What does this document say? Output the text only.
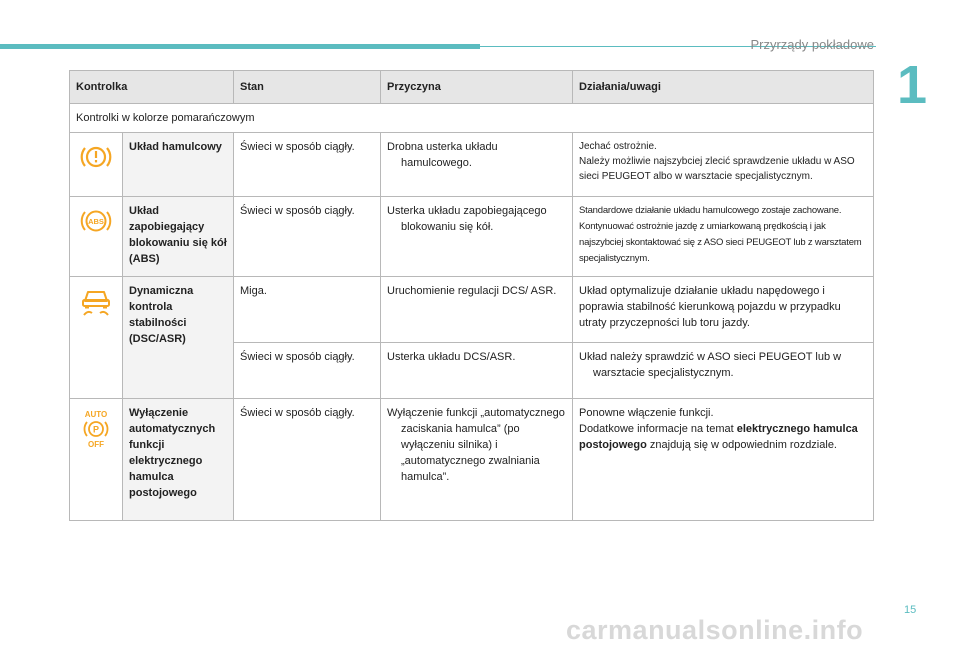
Przyrządy pokładowe
1
Kontrolka		Stan	Przyczyna	Działania/uwagi
Kontrolki w kolorze pomarańczowym				
	Układ hamulcowy	Świeci w sposób ciągły.	Drobna usterka układu hamulcowego.	Jechać ostrożnie.
Należy możliwie najszybciej zlecić sprawdzenie układu w ASO sieci PEUGEOT albo w warsztacie specjalistycznym.

ABS	Układ zapobiegający blokowaniu się kół (ABS)	Świeci w sposób ciągły.	Usterka układu zapobiegającego blokowaniu się kół.	Standardowe działanie układu hamulcowego zostaje zachowane. Kontynuować ostrożnie jazdę z umiarkowaną prędkością i jak najszybciej skontaktować się z ASO sieci PEUGEOT lub z warsztatem specjalistycznym.
	Dynamiczna kontrola stabilności (DSC/ASR)	Miga.	Uruchomienie regulacji DCS/ ASR.	Układ optymalizuje działanie układu napędowego i poprawia stabilność kierunkową pojazdu w przypadku utraty przyczepności lub toru jazdy.
		Świeci w sposób ciągły.	Usterka układu DCS/ASR.	Układ należy sprawdzić w ASO sieci PEUGEOT lub w warsztacie specjalistycznym.

AUTO
P
OFF	Wyłączenie automatycznych funkcji elektrycznego hamulca postojowego	Świeci w sposób ciągły.	Wyłączenie funkcji „automatycznego zaciskania hamulca” (po wyłączeniu silnika) i „automatycznego zwalniania hamulca”.	Ponowne włączenie funkcji.
Dodatkowe informacje na temat elektrycznego hamulca postojowego znajdują się w odpowiednim rozdziale.
15
carmanualsonline.info
